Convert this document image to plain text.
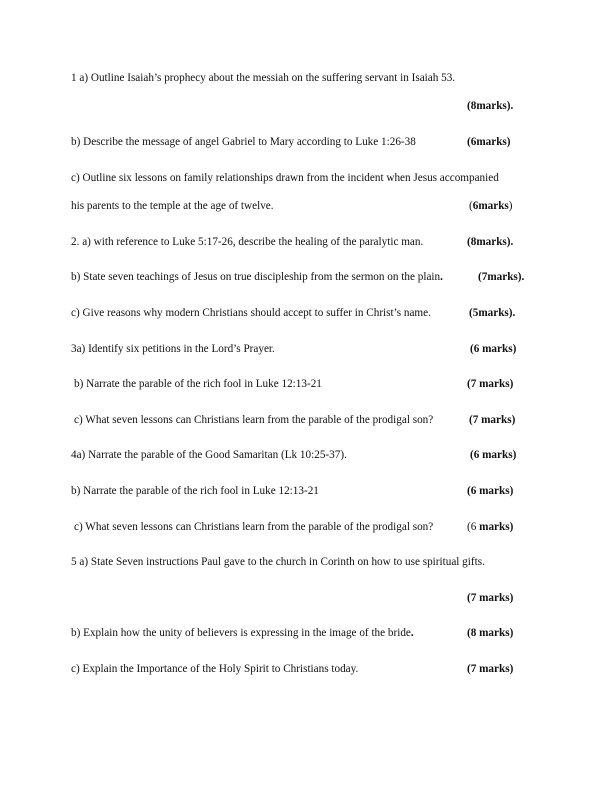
1 a) Outline Isaiah’s prophecy about the messiah on the suffering servant in Isaiah 53.
(8marks).
b) Describe the message of angel Gabriel to Mary according to Luke 1:26-38	(6marks)
c) Outline six lessons on family relationships drawn from the incident when Jesus accompanied
his parents to the temple at the age of twelve.	(6marks)
2. a) with reference to Luke 5:17-26, describe the healing of the paralytic man.	(8marks).
b) State seven teachings of Jesus on true discipleship from the sermon on the plain.	(7marks).
c) Give reasons why modern Christians should accept to suffer in Christ’s name.	(5marks).
3a) Identify six petitions in the Lord’s Prayer.	(6 marks)
b) Narrate the parable of the rich fool in Luke 12:13-21	(7 marks)
c) What seven lessons can Christians learn from the parable of the prodigal son?	(7 marks)
4a) Narrate the parable of the Good Samaritan (Lk 10:25-37).	(6 marks)
b) Narrate the parable of the rich fool in Luke 12:13-21	(6 marks)
c) What seven lessons can Christians learn from the parable of the prodigal son?	(6 marks)
5 a) State Seven instructions Paul gave to the church in Corinth on how to use spiritual gifts.
(7 marks)
b) Explain how the unity of believers is expressing in the image of the bride.	(8 marks)
c) Explain the Importance of the Holy Spirit to Christians today.	(7 marks)
